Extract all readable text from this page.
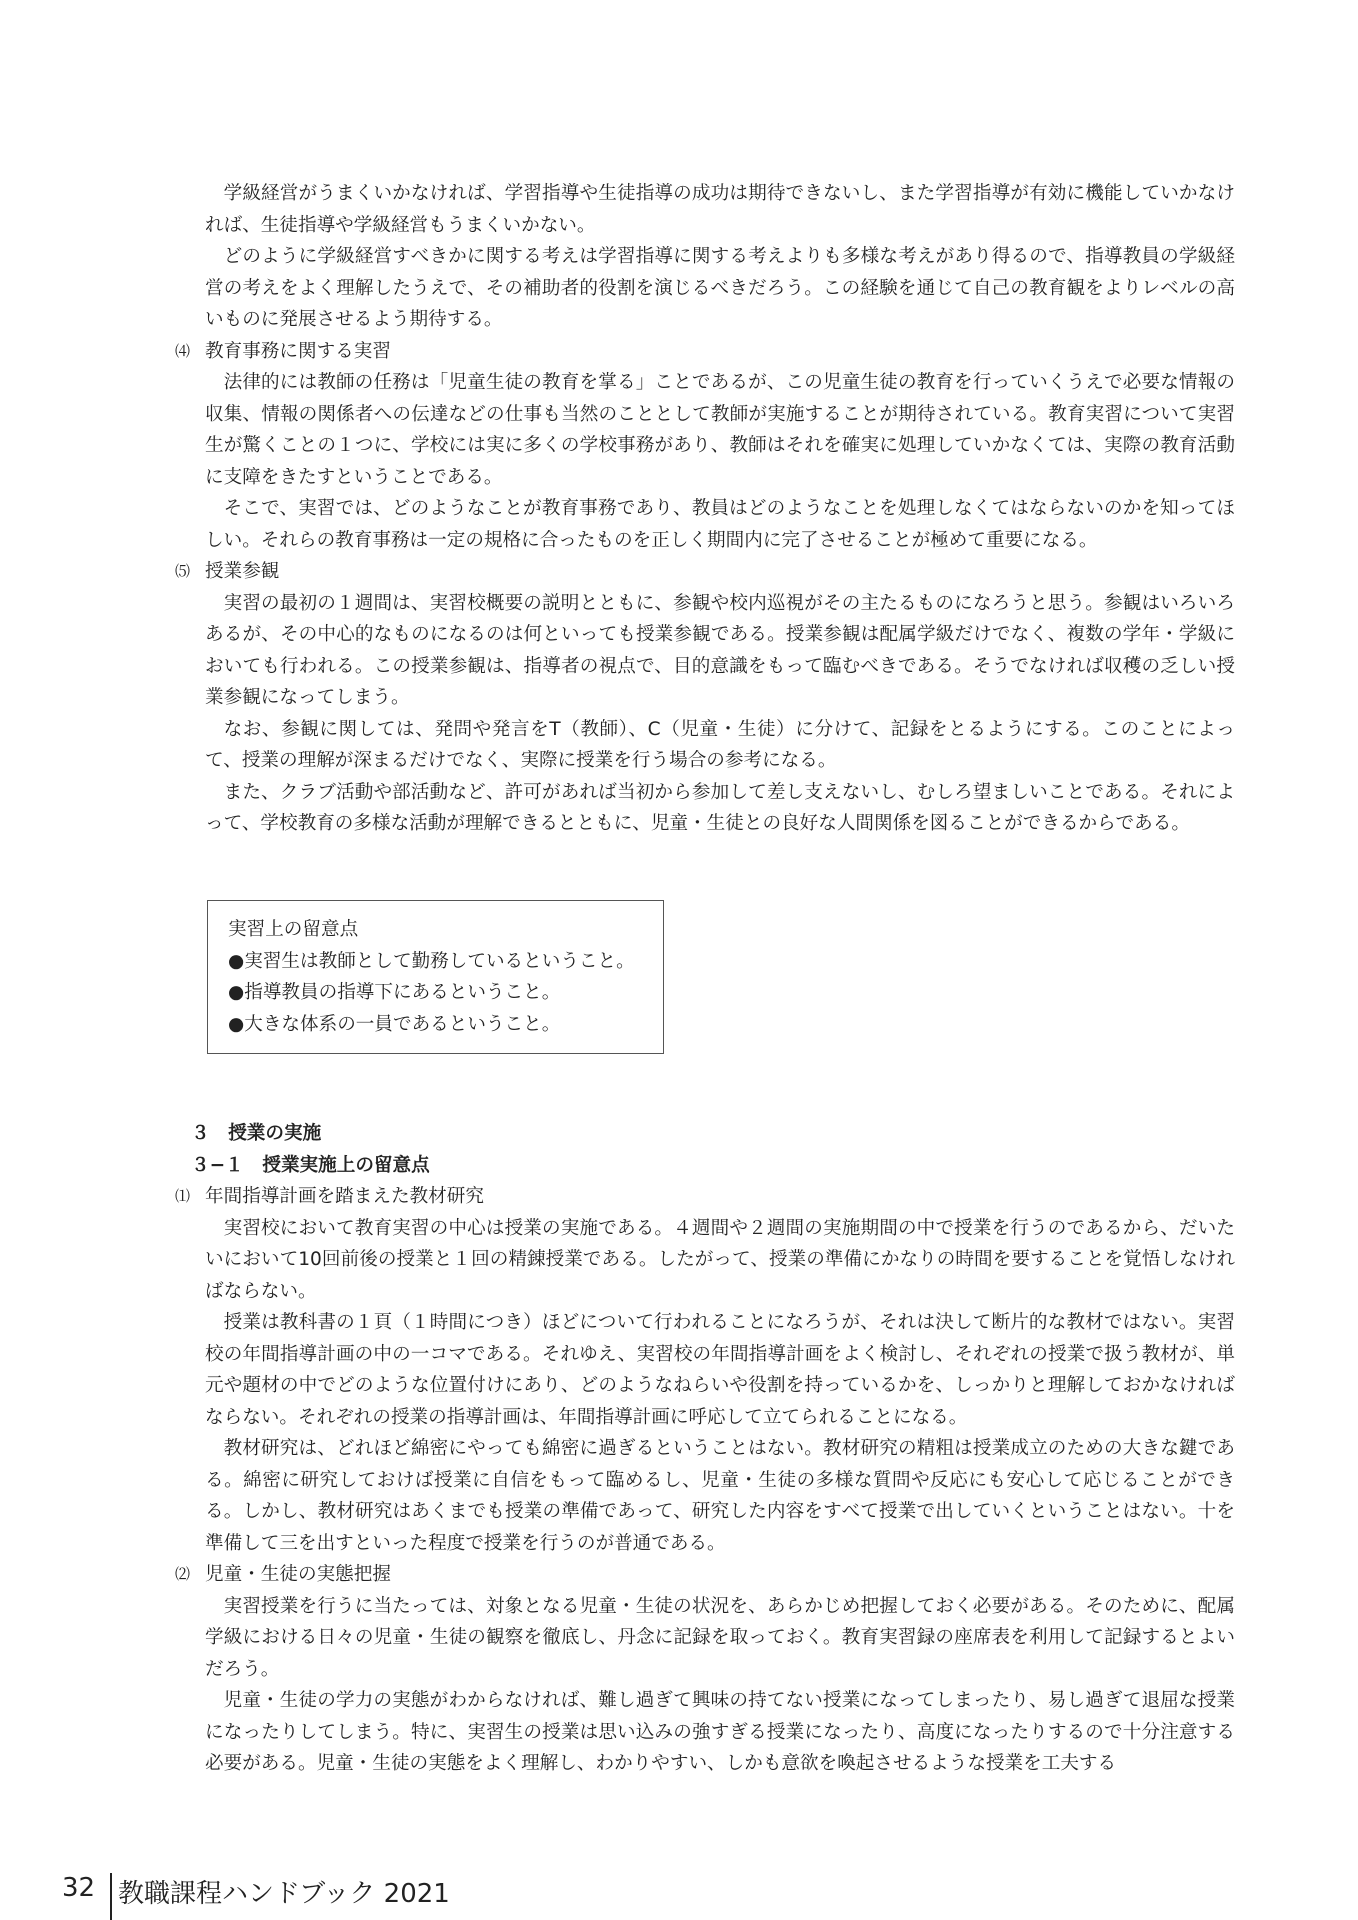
学級経営がうまくいかなければ、学習指導や生徒指導の成功は期待できないし、また学習指導が有効に機能していかなければ、生徒指導や学級経営もうまくいかない。

どのように学級経営すべきかに関する考えは学習指導に関する考えよりも多様な考えがあり得るので、指導教員の学級経営の考えをよく理解したうえで、その補助者的役割を演じるべきだろう。この経験を通じて自己の教育観をよりレベルの高いものに発展させるよう期待する。

⑷ 教育事務に関する実習

法律的には教師の任務は「児童生徒の教育を掌る」ことであるが、この児童生徒の教育を行っていくうえで必要な情報の収集、情報の関係者への伝達などの仕事も当然のこととして教師が実施することが期待されている。教育実習について実習生が驚くことの１つに、学校には実に多くの学校事務があり、教師はそれを確実に処理していかなくては、実際の教育活動に支障をきたすということである。

そこで、実習では、どのようなことが教育事務であり、教員はどのようなことを処理しなくてはならないのかを知ってほしい。それらの教育事務は一定の規格に合ったものを正しく期間内に完了させることが極めて重要になる。

⑸ 授業参観

実習の最初の１週間は、実習校概要の説明とともに、参観や校内巡視がその主たるものになろうと思う。参観はいろいろあるが、その中心的なものになるのは何といっても授業参観である。授業参観は配属学級だけでなく、複数の学年・学級においても行われる。この授業参観は、指導者の視点で、目的意識をもって臨むべきである。そうでなければ収穫の乏しい授業参観になってしまう。

なお、参観に関しては、発問や発言をT（教師）、C（児童・生徒）に分けて、記録をとるようにする。このことによって、授業の理解が深まるだけでなく、実際に授業を行う場合の参考になる。

また、クラブ活動や部活動など、許可があれば当初から参加して差し支えないし、むしろ望ましいことである。それによって、学校教育の多様な活動が理解できるとともに、児童・生徒との良好な人間関係を図ることができるからである。

実習上の留意点
●実習生は教師として勤務しているということ。
●指導教員の指導下にあるということ。
●大きな体系の一員であるということ。

３　授業の実施

３−１　授業実施上の留意点

⑴ 年間指導計画を踏まえた教材研究

実習校において教育実習の中心は授業の実施である。４週間や２週間の実施期間の中で授業を行うのであるから、だいたいにおいて10回前後の授業と１回の精錬授業である。したがって、授業の準備にかなりの時間を要することを覚悟しなければならない。

授業は教科書の１頁（１時間につき）ほどについて行われることになろうが、それは決して断片的な教材ではない。実習校の年間指導計画の中の一コマである。それゆえ、実習校の年間指導計画をよく検討し、それぞれの授業で扱う教材が、単元や題材の中でどのような位置付けにあり、どのようなねらいや役割を持っているかを、しっかりと理解しておかなければならない。それぞれの授業の指導計画は、年間指導計画に呼応して立てられることになる。

教材研究は、どれほど綿密にやっても綿密に過ぎるということはない。教材研究の精粗は授業成立のための大きな鍵である。綿密に研究しておけば授業に自信をもって臨めるし、児童・生徒の多様な質問や反応にも安心して応じることができる。しかし、教材研究はあくまでも授業の準備であって、研究した内容をすべて授業で出していくということはない。十を準備して三を出すといった程度で授業を行うのが普通である。

⑵ 児童・生徒の実態把握

実習授業を行うに当たっては、対象となる児童・生徒の状況を、あらかじめ把握しておく必要がある。そのために、配属学級における日々の児童・生徒の観察を徹底し、丹念に記録を取っておく。教育実習録の座席表を利用して記録するとよいだろう。

児童・生徒の学力の実態がわからなければ、難し過ぎて興味の持てない授業になってしまったり、易し過ぎて退屈な授業になったりしてしまう。特に、実習生の授業は思い込みの強すぎる授業になったり、高度になったりするので十分注意する必要がある。児童・生徒の実態をよく理解し、わかりやすい、しかも意欲を喚起させるような授業を工夫する

32 教職課程ハンドブック 2021
